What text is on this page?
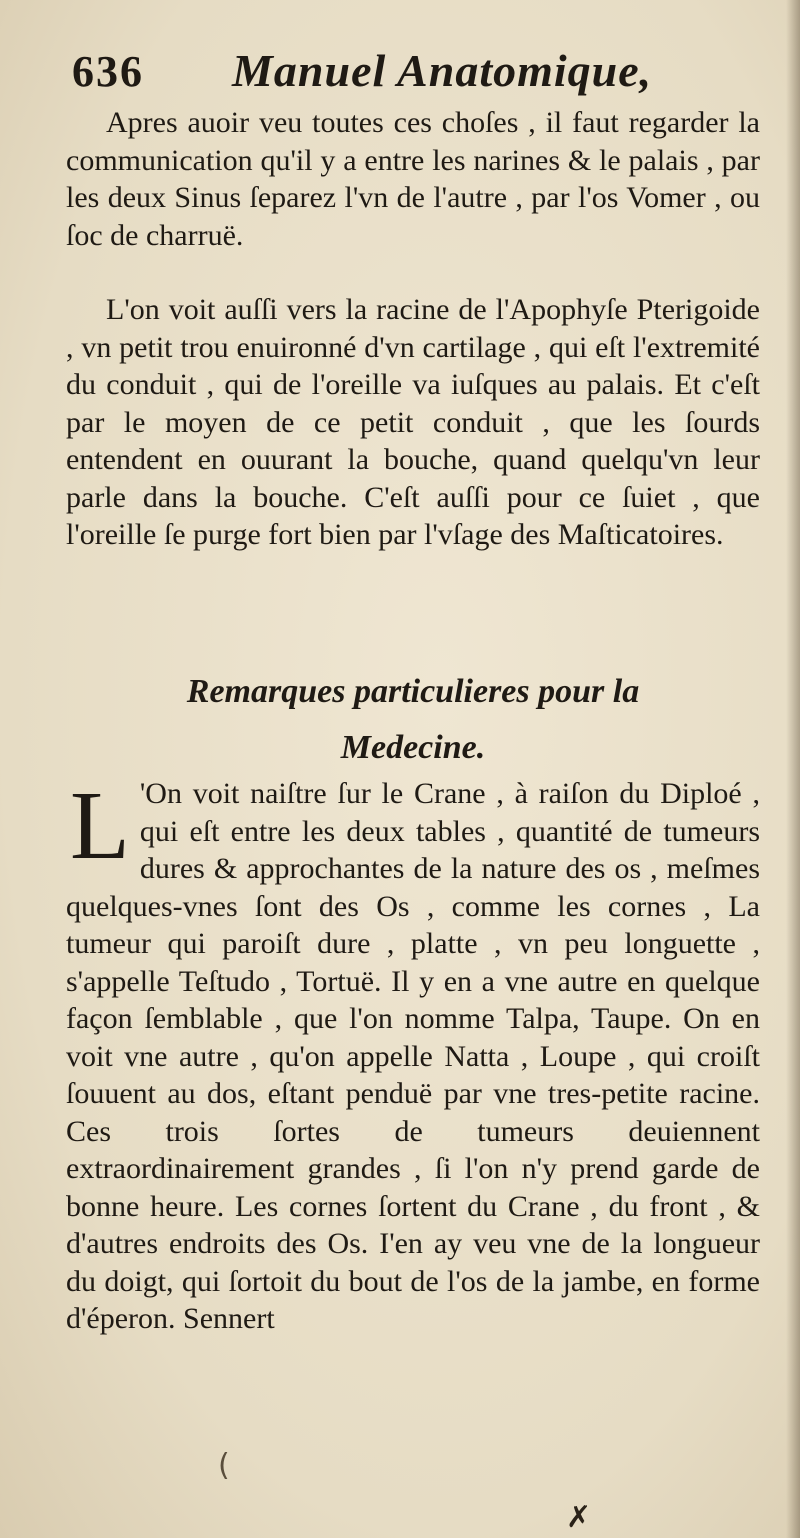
636 Manuel Anatomique,

Apres auoir veu toutes ces choſes , il faut regarder la communication qu'il y a entre les narines & le palais , par les deux Sinus ſeparez l'vn de l'autre , par l'os Vomer , ou ſoc de charruë.

L'on voit auſſi vers la racine de l'Apophyſe Pterigoide , vn petit trou enuironné d'vn cartilage , qui eſt l'extremité du conduit , qui de l'oreille va iuſques au palais. Et c'eſt par le moyen de ce petit conduit , que les ſourds entendent en ouurant la bouche, quand quelqu'vn leur parle dans la bouche. C'eſt auſſi pour ce ſuiet , que l'oreille ſe purge fort bien par l'vſage des Maſticatoires.

Remarques particulieres pour la
Medecine.

L 'On voit naiſtre ſur le Crane , à raiſon du Diploé , qui eſt entre les deux tables , quantité de tumeurs dures & approchantes de la nature des os , meſmes quelques-vnes ſont des Os , comme les cornes , La tumeur qui paroiſt dure , platte , vn peu longuette , s'appelle Teſtudo , Tortuë. Il y en a vne autre en quelque façon ſemblable , que l'on nomme Talpa, Taupe. On en voit vne autre , qu'on appelle Natta , Loupe , qui croiſt ſouuent au dos, eſtant penduë par vne tres-petite racine. Ces trois ſortes de tumeurs deuiennent extraordinairement grandes , ſi l'on n'y prend garde de bonne heure. Les cornes ſortent du Crane , du front , & d'autres endroits des Os. I'en ay veu vne de la longueur du doigt, qui ſortoit du bout de l'os de la jambe, en forme d'éperon. Sennert

(
✗
